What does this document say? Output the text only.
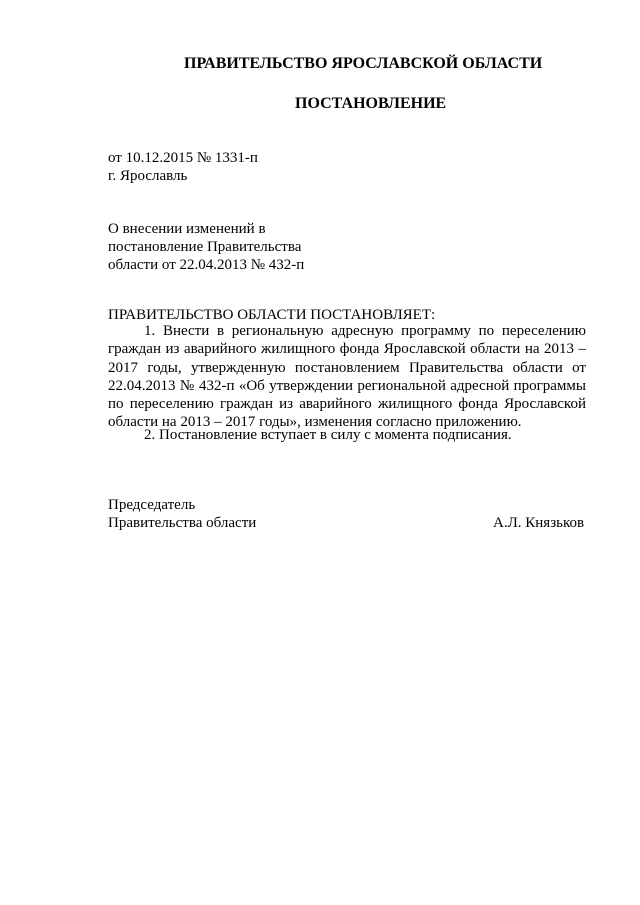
ПРАВИТЕЛЬСТВО ЯРОСЛАВСКОЙ ОБЛАСТИ
ПОСТАНОВЛЕНИЕ
от 10.12.2015 № 1331-п
г. Ярославль
О внесении изменений в
постановление Правительства
области от 22.04.2013 № 432-п
ПРАВИТЕЛЬСТВО ОБЛАСТИ ПОСТАНОВЛЯЕТ:

1. Внести в региональную адресную программу по переселению граждан из аварийного жилищного фонда Ярославской области на 2013 – 2017 годы, утвержденную постановлением Правительства области от 22.04.2013 № 432-п «Об утверждении региональной адресной программы по переселению граждан из аварийного жилищного фонда Ярославской области на 2013 – 2017 годы», изменения согласно приложению.

2. Постановление вступает в силу с момента подписания.

Председатель
Правительства области	А.Л. Князьков
